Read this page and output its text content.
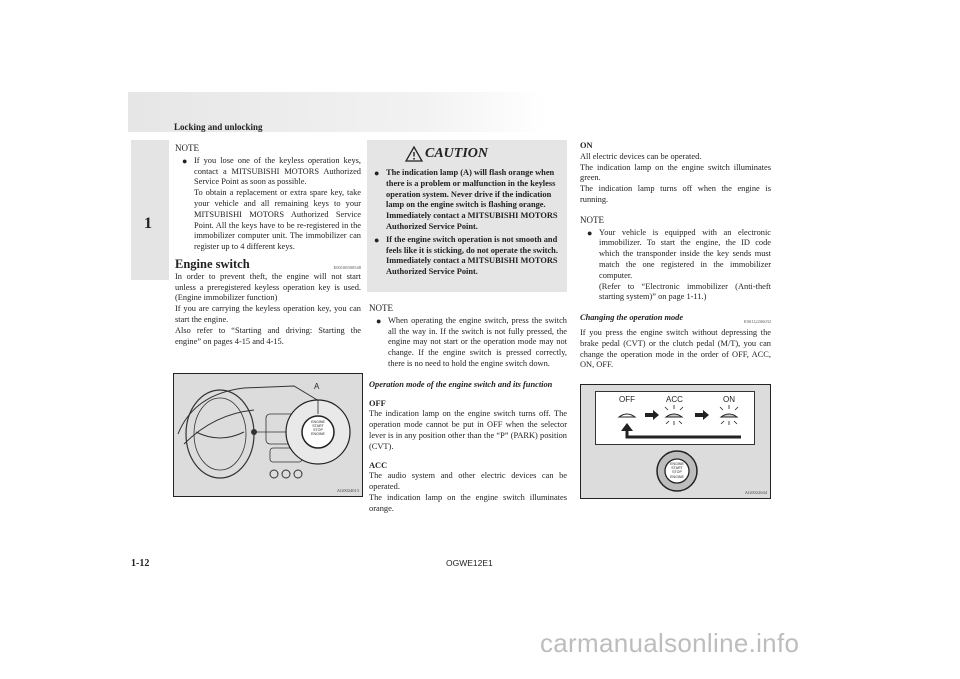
Locking and unlocking
1
NOTE
● If you lose one of the keyless operation keys, contact a MITSUBISHI MOTORS Authorized Service Point as soon as possible.

To obtain a replacement or extra spare key, take your vehicle and all remaining keys to your MITSUBISHI MOTORS Authorized Service Point. All the keys have to be re-registered in the immobilizer computer unit. The immobilizer can register up to 4 different keys.

Engine switch	E00106500548

In order to prevent theft, the engine will not start unless a preregistered keyless operation key is used. (Engine immobilizer function)

If you are carrying the keyless operation key, you can start the engine.

Also refer to “Starting and driving: Starting the engine” on pages 4-15 and 4-15.

A
ENGINE
START
STOP
ENGINE
AG0024013
CAUTION
● The indication lamp (A) will flash orange when there is a problem or malfunction in the keyless operation system. Never drive if the indication lamp on the engine switch is flashing orange. Immediately contact a MITSUBISHI MOTORS Authorized Service Point.

● If the engine switch operation is not smooth and feels like it is sticking, do not operate the switch. Immediately contact a MITSUBISHI MOTORS Authorized Service Point.

NOTE
● When operating the engine switch, press the switch all the way in. If the switch is not fully pressed, the engine may not start or the operation mode may not change. If the engine switch is pressed correctly, there is no need to hold the engine switch down.

Operation mode of the engine switch and its function
OFF

The indication lamp on the engine switch turns off. The operation mode cannot be put in OFF when the selector lever is in any position other than the “P” (PARK) position (CVT).

ACC

The audio system and other electric devices can be operated.

The indication lamp on the engine switch illuminates orange.

ON

All electric devices can be operated.

The indication lamp on the engine switch illuminates green.

The indication lamp turns off when the engine is running.

NOTE
● Your vehicle is equipped with an electronic immobilizer. To start the engine, the ID code which the transponder inside the key sends must match the one registered in the immobilizer computer.

(Refer to “Electronic immobilizer (Anti-theft starting system)” on page 1-11.)

Changing the operation mode	E00112200032

If you press the engine switch without depressing the brake pedal (CVT) or the clutch pedal (M/T), you can change the operation mode in the order of OFF, ACC, ON, OFF.

OFF	ACC	ON
ENGINE
START
STOP
ENGINE
AG0022644
1-12	OGWE12E1
carmanualsonline.info
